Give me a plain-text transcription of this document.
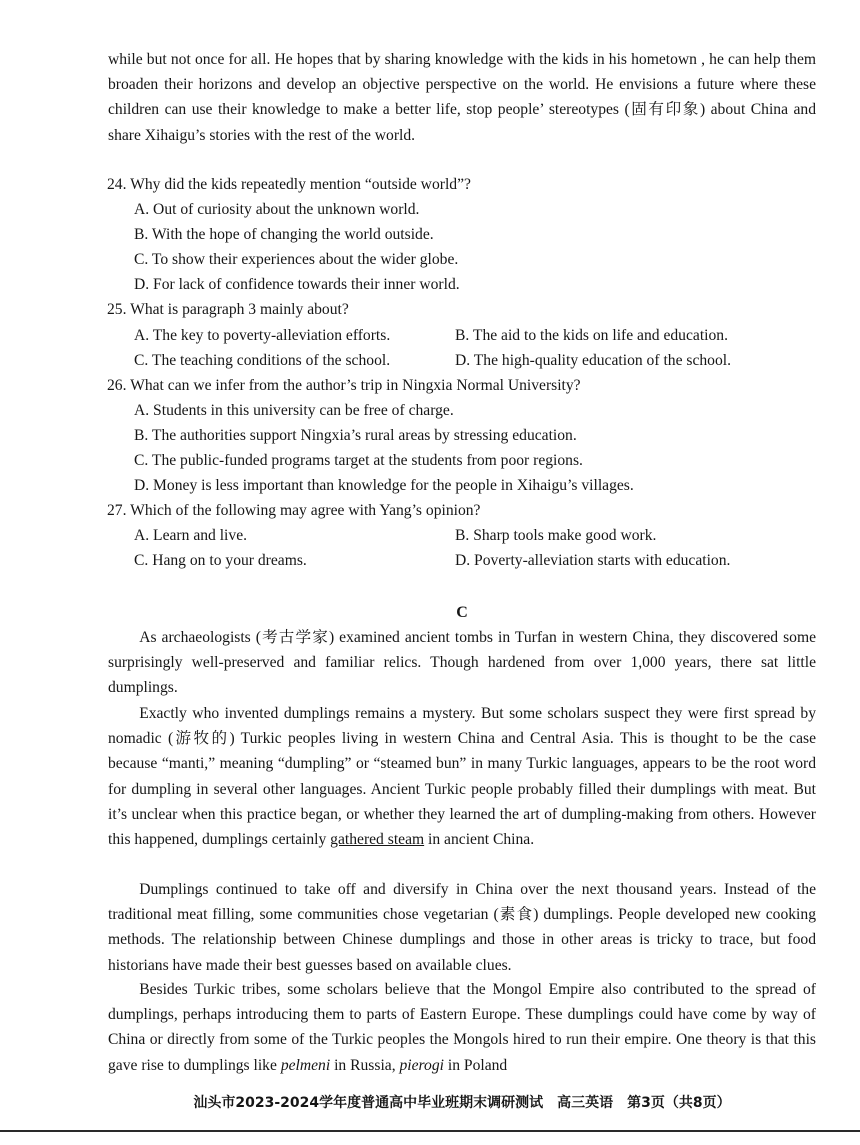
while but not once for all. He hopes that by sharing knowledge with the kids in his hometown , he can help them broaden their horizons and develop an objective perspective on the world. He envisions a future where these children can use their knowledge to make a better life, stop people’ stereotypes (固有印象) about China and share Xihaigu’s stories with the rest of the world.

24. Why did the kids repeatedly mention “outside world”?
A. Out of curiosity about the unknown world.
B. With the hope of changing the world outside.
C. To show their experiences about the wider globe.
D. For lack of confidence towards their inner world.
25. What is paragraph 3 mainly about?
A. The key to poverty-alleviation efforts.	B. The aid to the kids on life and education.
C. The teaching conditions of the school.	D. The high-quality education of the school.
26. What can we infer from the author’s trip in Ningxia Normal University?
A. Students in this university can be free of charge.
B. The authorities support Ningxia’s rural areas by stressing education.
C. The public-funded programs target at the students from poor regions.
D. Money is less important than knowledge for the people in Xihaigu’s villages.
27. Which of the following may agree with Yang’s opinion?
A. Learn and live.	B. Sharp tools make good work.
C. Hang on to your dreams.	D. Poverty-alleviation starts with education.
C

As archaeologists (考古学家) examined ancient tombs in Turfan in western China, they discovered some surprisingly well-preserved and familiar relics. Though hardened from over 1,000 years, there sat little dumplings.

Exactly who invented dumplings remains a mystery. But some scholars suspect they were first spread by nomadic (游牧的) Turkic peoples living in western China and Central Asia. This is thought to be the case because “manti,” meaning “dumpling” or “steamed bun” in many Turkic languages, appears to be the root word for dumpling in several other languages. Ancient Turkic people probably filled their dumplings with meat. But it’s unclear when this practice began, or whether they learned the art of dumpling-making from others. However this happened, dumplings certainly gathered steam in ancient China.

Dumplings continued to take off and diversify in China over the next thousand years. Instead of the traditional meat filling, some communities chose vegetarian (素食) dumplings. People developed new cooking methods. The relationship between Chinese dumplings and those in other areas is tricky to trace, but food historians have made their best guesses based on available clues.

Besides Turkic tribes, some scholars believe that the Mongol Empire also contributed to the spread of dumplings, perhaps introducing them to parts of Eastern Europe. These dumplings could have come by way of China or directly from some of the Turkic peoples the Mongols hired to run their empire. One theory is that this gave rise to dumplings like pelmeni in Russia, pierogi in Poland

汕头市2023-2024学年度普通高中毕业班期末调研测试　高三英语　第3页（共8页）
